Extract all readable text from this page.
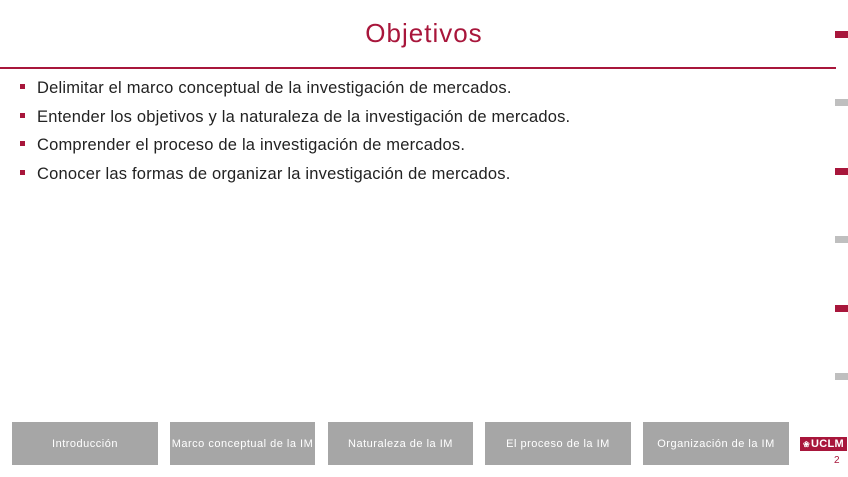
Objetivos
Delimitar el marco conceptual de la investigación de mercados.
Entender los objetivos y la naturaleza de la investigación de mercados.
Comprender el proceso de la investigación de mercados.
Conocer las formas de organizar la investigación de mercados.
Introducción	Marco conceptual de la IM	Naturaleza de la IM	El proceso de la IM	Organización de la IM	❀ UCLM
2
